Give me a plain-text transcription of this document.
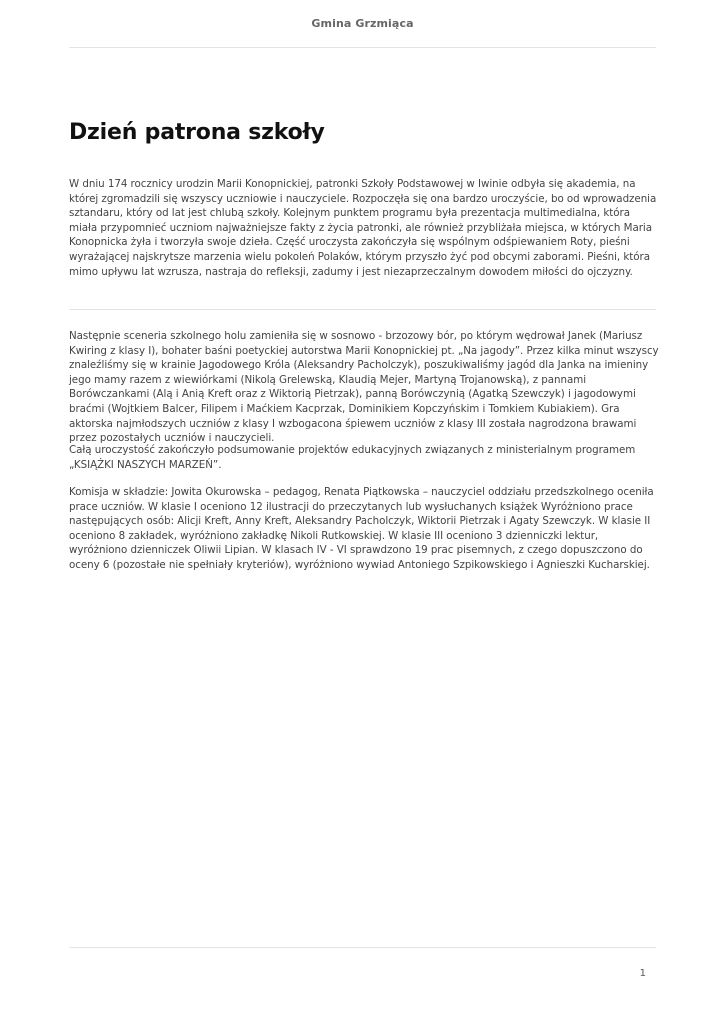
Gmina Grzmiąca
Dzień patrona szkoły

W dniu 174 rocznicy urodzin Marii Konopnickiej, patronki Szkoły Podstawowej w Iwinie odbyła się akademia, na której zgromadzili się wszyscy uczniowie i nauczyciele. Rozpoczęła się ona bardzo uroczyście, bo od wprowadzenia sztandaru, który od lat jest chlubą szkoły. Kolejnym punktem programu była prezentacja multimedialna, która miała przypomnieć uczniom najważniejsze fakty z życia patronki, ale również przybliżała miejsca, w których Maria Konopnicka żyła i tworzyła swoje dzieła. Część uroczysta zakończyła się wspólnym odśpiewaniem Roty, pieśni wyrażającej najskrytsze marzenia wielu pokoleń Polaków, którym przyszło żyć pod obcymi zaborami. Pieśni, która mimo upływu lat wzrusza, nastraja do refleksji, zadumy i jest niezaprzeczalnym dowodem miłości do ojczyzny.

Następnie sceneria szkolnego holu zamieniła się w sosnowo - brzozowy bór, po którym wędrował Janek (Mariusz Kwiring z klasy I), bohater baśni poetyckiej autorstwa Marii Konopnickiej pt. „Na jagody”. Przez kilka minut wszyscy znaleźliśmy się w krainie Jagodowego Króla (Aleksandry Pacholczyk), poszukiwaliśmy jagód dla Janka na imieniny jego mamy razem z wiewiórkami (Nikolą Grelewską, Klaudią Mejer, Martyną Trojanowską), z pannami Borówczankami (Alą i Anią Kreft oraz z Wiktorią Pietrzak), panną Borówczynią (Agatką Szewczyk) i jagodowymi braćmi (Wojtkiem Balcer, Filipem i Maćkiem Kacprzak, Dominikiem Kopczyńskim i Tomkiem Kubiakiem). Gra aktorska najmłodszych uczniów z klasy I wzbogacona śpiewem uczniów z klasy III została nagrodzona brawami przez pozostałych uczniów i nauczycieli.

Całą uroczystość zakończyło podsumowanie projektów edukacyjnych związanych z ministerialnym programem „KSIĄŻKI NASZYCH MARZEŃ”.

Komisja w składzie: Jowita Okurowska – pedagog, Renata Piątkowska – nauczyciel oddziału przedszkolnego oceniła prace uczniów. W klasie I oceniono 12 ilustracji do przeczytanych lub wysłuchanych książek Wyróżniono prace następujących osób: Alicji Kreft, Anny Kreft, Aleksandry Pacholczyk, Wiktorii Pietrzak i Agaty Szewczyk. W klasie II oceniono 8 zakładek, wyróżniono zakładkę Nikoli Rutkowskiej. W klasie III oceniono 3 dzienniczki lektur, wyróżniono dzienniczek Oliwii Lipian. W klasach IV - VI sprawdzono 19 prac pisemnych, z czego dopuszczono do oceny 6 (pozostałe nie spełniały kryteriów), wyróżniono wywiad Antoniego Szpikowskiego i Agnieszki Kucharskiej.

1
